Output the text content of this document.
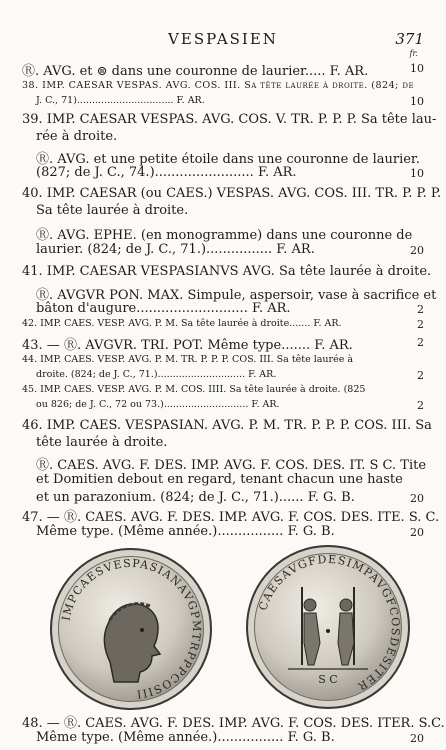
VESPASIEN	371
fr.
Ⓡ. AVG. et ⊜ dans une couronne de laurier..... F. AR.	10
38. IMP. CAESAR VESPAS. AVG. COS. III. Sa tête laurée à droite. (824; de
J. C., 71)................................ F. AR.	10
39. IMP. CAESAR VESPAS. AVG. COS. V. TR. P. P. P. Sa tête lau-
rée à droite.
Ⓡ. AVG. et une petite étoile dans une couronne de laurier.
(827; de J. C., 74.)........................ F. AR.	10
40. IMP. CAESAR (ou CAES.) VESPAS. AVG. COS. III. TR. P. P. P.
Sa tête laurée à droite.
Ⓡ. AVG. EPHE. (en monogramme) dans une couronne de
laurier. (824; de J. C., 71.)................ F. AR.	20
41. IMP. CAESAR VESPASIANVS AVG. Sa tête laurée à droite.
Ⓡ. AVGVR PON. MAX. Simpule, aspersoir, vase à sacrifice et
bâton d'augure........................... F. AR.	2
42. IMP. CAES. VESP. AVG. P. M. Sa tête laurée à droite....... F. AR.	2
43. — Ⓡ. AVGVR. TRI. POT. Même type....... F. AR.	2
44. IMP. CAES. VESP. AVG. P. M. TR. P. P. P. COS. III. Sa tête laurée à
droite. (824; de J. C., 71.)............................. F. AR.	2
45. IMP. CAES. VESP. AVG. P. M. COS. IIII. Sa tête laurée à droite. (825
ou 826; de J. C., 72 ou 73.)............................ F. AR.	2
46. IMP. CAES. VESPASIAN. AVG. P. M. TR. P. P. P. COS. III. Sa
tête laurée à droite.
Ⓡ. CAES. AVG. F. DES. IMP. AVG. F. COS. DES. IT. S C. Tite
et Domitien debout en regard, tenant chacun une haste
et un parazonium. (824; de J. C., 71.)...... F. G. B.	20
47. — Ⓡ. CAES. AVG. F. DES. IMP. AVG. F. COS. DES. ITE. S. C.
Même type. (Même année.)................ F. G. B.	20
IMPCAESVESPASIANAVGPMTRPPPCOSIII
CAESAVGFDESIMPAVGFCOSDESITER
S C
48. — Ⓡ. CAES. AVG. F. DES. IMP. AVG. F. COS. DES. ITER. S.C.
Même type. (Même année.)................ F. G. B.	20
